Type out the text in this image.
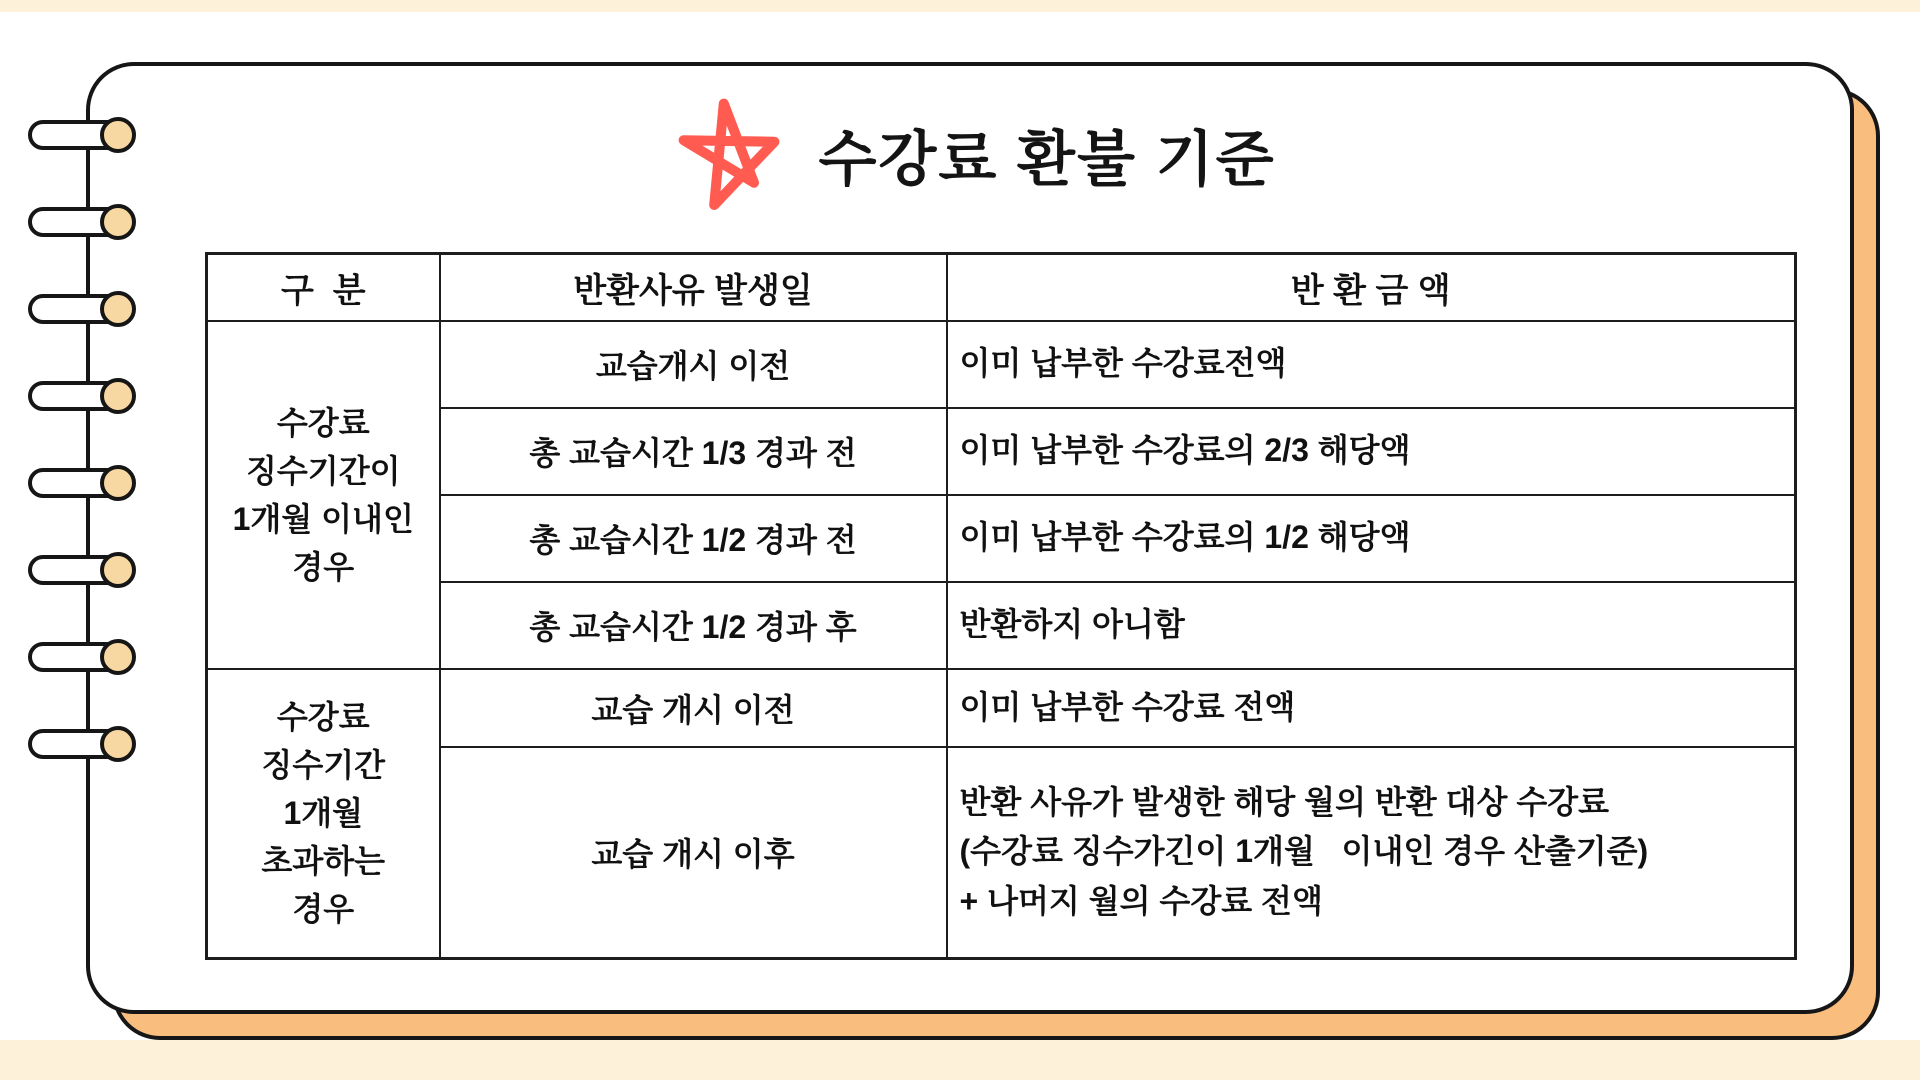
수강료 환불 기준
구  분	반환사유 발생일	반 환 금 액

수강료
징수기간이
1개월 이내인
경우	교습개시 이전	이미 납부한 수강료전액

	총 교습시간 1/3 경과 전	이미 납부한 수강료의 2/3 해당액

	총 교습시간 1/2 경과 전	이미 납부한 수강료의 1/2 해당액

	총 교습시간 1/2 경과 후	반환하지 아니함

수강료
징수기간
1개월
초과하는
경우	교습 개시 이전	이미 납부한 수강료 전액

	교습 개시 이후	반환 사유가 발생한 해당 월의 반환 대상 수강료
(수강료 징수가긴이 1개월   이내인 경우 산출기준)
+ 나머지 월의 수강료 전액
